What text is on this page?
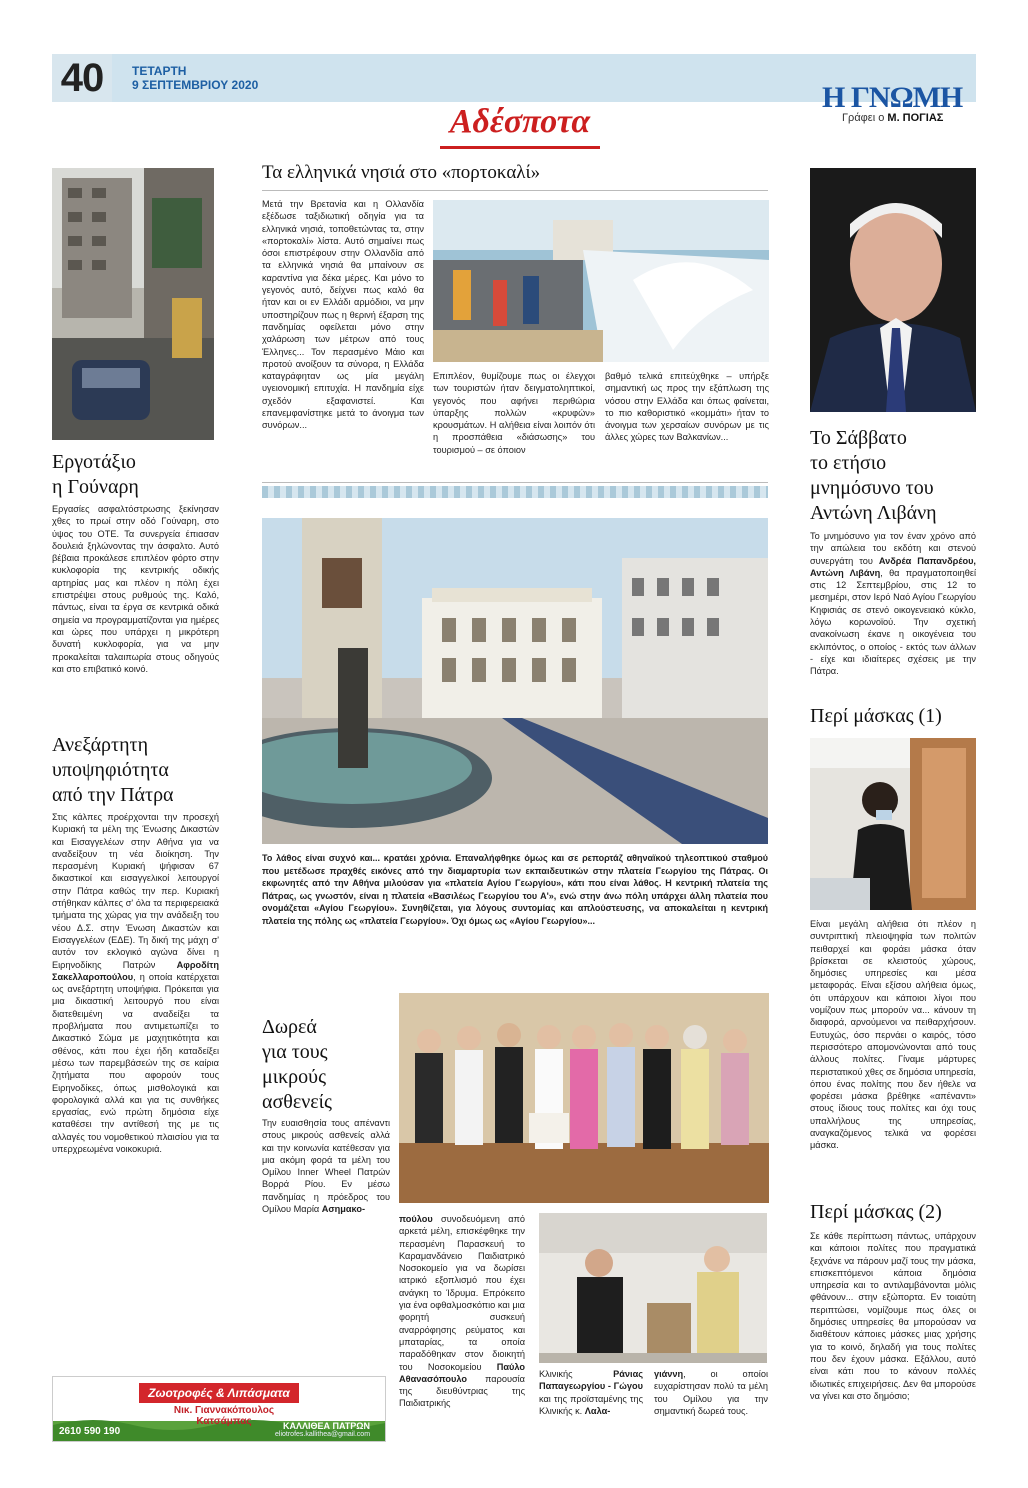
40	ΤΕΤΑΡΤΗ
9 ΣΕΠΤΕΜΒΡΙΟΥ 2020
Αδέσποτα
Η ΓΝΩΜΗ
Γράφει ο Μ. ΠΟΓΙΑΣ
Εργοτάξιο
η Γούναρη
Εργασίες ασφαλτόστρωσης ξεκίνησαν χθες το πρωί στην οδό Γούναρη, στο ύψος του ΟΤΕ. Τα συνεργεία έπιασαν δουλειά ξηλώνοντας την άσφαλτο. Αυτό βέβαια προκάλεσε επιπλέον φόρτο στην κυκλοφορία της κεντρικής οδικής αρτηρίας μας και πλέον η πόλη έχει επιστρέψει στους ρυθμούς της. Καλό, πάντως, είναι τα έργα σε κεντρικά οδικά σημεία να προγραμματίζονται για ημέρες και ώρες που υπάρχει η μικρότερη δυνατή κυκλοφορία, για να μην προκαλείται ταλαιπωρία στους οδηγούς και στο επιβατικό κοινό.
Ανεξάρτητη
υποψηφιότητα
από την Πάτρα
Στις κάλπες προέρχονται την προσεχή Κυριακή τα μέλη της Ένωσης Δικαστών και Εισαγγελέων στην Αθήνα για να αναδείξουν τη νέα διοίκηση. Την περασμένη Κυριακή ψήφισαν 67 δικαστικοί και εισαγγελικοί λειτουργοί στην Πάτρα καθώς την περ. Κυριακή στήθηκαν κάλπες σ' όλα τα περιφερειακά τμήματα της χώρας για την ανάδειξη του νέου Δ.Σ. στην Ένωση Δικαστών και Εισαγγελέων (ΕΔΕ). Τη δική της μάχη σ' αυτόν τον εκλογικό αγώνα δίνει η Ειρηνοδίκης Πατρών Αφροδίτη Σακελλαροπούλου, η οποία κατέρχεται ως ανεξάρτητη υποψήφια. Πρόκειται για μια δικαστική λειτουργό που είναι διατεθειμένη να αναδείξει τα προβλήματα που αντιμετωπίζει το Δικαστικό Σώμα με μαχητικότητα και σθένος, κάτι που έχει ήδη καταδείξει μέσω των παρεμβάσεών της σε καίρια ζητήματα που αφορούν τους Ειρηνοδίκες, όπως μισθολογικά και φορολογικά αλλά και για τις συνθήκες εργασίας, ενώ πρώτη δημόσια είχε καταθέσει την αντίθεσή της με τις αλλαγές του νομοθετικού πλαισίου για τα υπερχρεωμένα νοικοκυριά.
Ζωοτροφές & Λιπάσματα
Νικ. Γιαννακόπουλος
Κατσάμπας
2610 590 190	ΚΑΛΛΙΘΕΑ ΠΑΤΡΩΝ
eliotrofes.kallithea@gmail.com
Τα ελληνικά νησιά στο «πορτοκαλί»
Μετά την Βρετανία και η Ολλανδία εξέδωσε ταξιδιωτική οδηγία για τα ελληνικά νησιά, τοποθετώντας τα, στην «πορτοκαλί» λίστα. Αυτό σημαίνει πως όσοι επιστρέφουν στην Ολλανδία από τα ελληνικά νησιά θα μπαίνουν σε καραντίνα για δέκα μέρες. Και μόνο το γεγονός αυτό, δείχνει πως καλό θα ήταν και οι εν Ελλάδι αρμόδιοι, να μην υποστηρίζουν πως η θερινή έξαρση της πανδημίας οφείλεται μόνο στην χαλάρωση των μέτρων από τους Έλληνες... Τον περασμένο Μάιο και προτού ανοίξουν τα σύνορα, η Ελλάδα καταγράφηταν ως μία μεγάλη υγειονομική επιτυχία. Η πανδημία είχε σχεδόν εξαφανιστεί. Και επανεμφανίστηκε μετά το άνοιγμα των συνόρων...
Επιπλέον, θυμίζουμε πως οι έλεγχοι των τουριστών ήταν δειγματοληπτικοί, γεγονός που αφήνει περιθώρια ύπαρξης πολλών «κρυφών» κρουσμάτων. Η αλήθεια είναι λοιπόν ότι η προσπάθεια «διάσωσης» του τουρισμού – σε όποιον
βαθμό τελικά επιτεύχθηκε – υπήρξε σημαντική ως προς την εξάπλωση της νόσου στην Ελλάδα και όπως φαίνεται, το πιο καθοριστικό «κομμάτι» ήταν το άνοιγμα των χερσαίων συνόρων με τις άλλες χώρες των Βαλκανίων...
Το λάθος είναι συχνό και... κρατάει χρόνια. Επαναλήφθηκε όμως και σε ρεπορτάζ αθηναϊκού τηλεοπτικού σταθμού που μετέδωσε πραχθές εικόνες από την διαμαρτυρία των εκπαιδευτικών στην πλατεία Γεωργίου της Πάτρας. Οι εκφωνητές από την Αθήνα μιλούσαν για «πλατεία Αγίου Γεωργίου», κάτι που είναι λάθος. Η κεντρική πλατεία της Πάτρας, ως γνωστόν, είναι η πλατεία «Βασιλέως Γεωργίου του Α'», ενώ στην άνω πόλη υπάρχει άλλη πλατεία που ονομάζεται «Αγίου Γεωργίου». Συνηθίζεται, για λόγους συντομίας και απλούστευσης, να αποκαλείται η κεντρική πλατεία της πόλης ως «πλατεία Γεωργίου». Όχι όμως ως «Αγίου Γεωργίου»...
Δωρεά
για τους
μικρούς
ασθενείς
Την ευαισθησία τους απέναντι στους μικρούς ασθενείς αλλά και την κοινωνία κατέθεσαν για μια ακόμη φορά τα μέλη του Ομίλου Inner Wheel Πατρών Βορρά Ρίου. Εν μέσω πανδημίας η πρόεδρος του Ομίλου Μαρία Ασημακο-
πούλου συνοδευόμενη από αρκετά μέλη, επισκέφθηκε την περασμένη Παρασκευή το Καραμανδάνειο Παιδιατρικό Νοσοκομείο για να δωρίσει ιατρικό εξοπλισμό που έχει ανάγκη το Ίδρυμα. Επρόκειτο για ένα οφθαλμοσκόπιο και μια φορητή συσκευή αναρρόφησης ρεύματος και μπαταρίας, τα οποία παραδόθηκαν στον διοικητή του Νοσοκομείου Παύλο Αθανασόπουλο παρουσία της διευθύντριας της Παιδιατρικής
Κλινικής	Ράνιας Παπαγεωργίου - Γώγου και της προϊσταμένης της Κλινικής κ. Λαλα-
γιάννη, οι οποίοι ευχαρίστησαν πολύ τα μέλη του Ομίλου για την σημαντική δωρεά τους.
Το Σάββατο
το ετήσιο
μνημόσυνο του
Αντώνη Λιβάνη
Το μνημόσυνο για τον έναν χρόνο από την απώλεια του εκδότη και στενού συνεργάτη του Ανδρέα Παπανδρέου, Αντώνη Λιβάνη, θα πραγματοποιηθεί στις 12 Σεπτεμβρίου, στις 12 το μεσημέρι, στον Ιερό Ναό Αγίου Γεωργίου Κηφισιάς σε στενό οικογενειακό κύκλο, λόγω κορωνοϊού. Την σχετική ανακοίνωση έκανε η οικογένεια του εκλιπόντος, ο οποίος - εκτός των άλλων - είχε και ιδιαίτερες σχέσεις με την Πάτρα.
Περί μάσκας (1)
Είναι μεγάλη αλήθεια ότι πλέον η συντριπτική πλειοψηφία των πολιτών πειθαρχεί και φοράει μάσκα όταν βρίσκεται σε κλειστούς χώρους, δημόσιες υπηρεσίες και μέσα μεταφοράς. Είναι εξίσου αλήθεια όμως, ότι υπάρχουν και κάποιοι λίγοι που νομίζουν πως μπορούν να... κάνουν τη διαφορά, αρνούμενοι να πειθαρχήσουν. Ευτυχώς, όσο περνάει ο καιρός, τόσο περισσότερο απομονώνονται από τους άλλους πολίτες. Γίναμε μάρτυρες περιστατικού χθες σε δημόσια υπηρεσία, όπου ένας πολίτης που δεν ήθελε να φορέσει μάσκα βρέθηκε «απέναντι» στους ίδιους τους πολίτες και όχι τους υπαλλήλους της υπηρεσίας, αναγκαζόμενος τελικά να φορέσει μάσκα.
Περί μάσκας (2)
Σε κάθε περίπτωση πάντως, υπάρχουν και κάποιοι πολίτες που πραγματικά ξεχνάνε να πάρουν μαζί τους την μάσκα, επισκεπτόμενοι κάποια δημόσια υπηρεσία και το αντιλαμβάνονται μόλις φθάνουν... στην εξώπορτα. Εν τοιαύτη περιπτώσει, νομίζουμε πως όλες οι δημόσιες υπηρεσίες θα μπορούσαν να διαθέτουν κάποιες μάσκες μιας χρήσης για το κοινό, δηλαδή για τους πολίτες που δεν έχουν μάσκα. Εξάλλου, αυτό είναι κάτι που το κάνουν πολλές ιδιωτικές επιχειρήσεις. Δεν θα μπορούσε να γίνει και στο δημόσιο;
